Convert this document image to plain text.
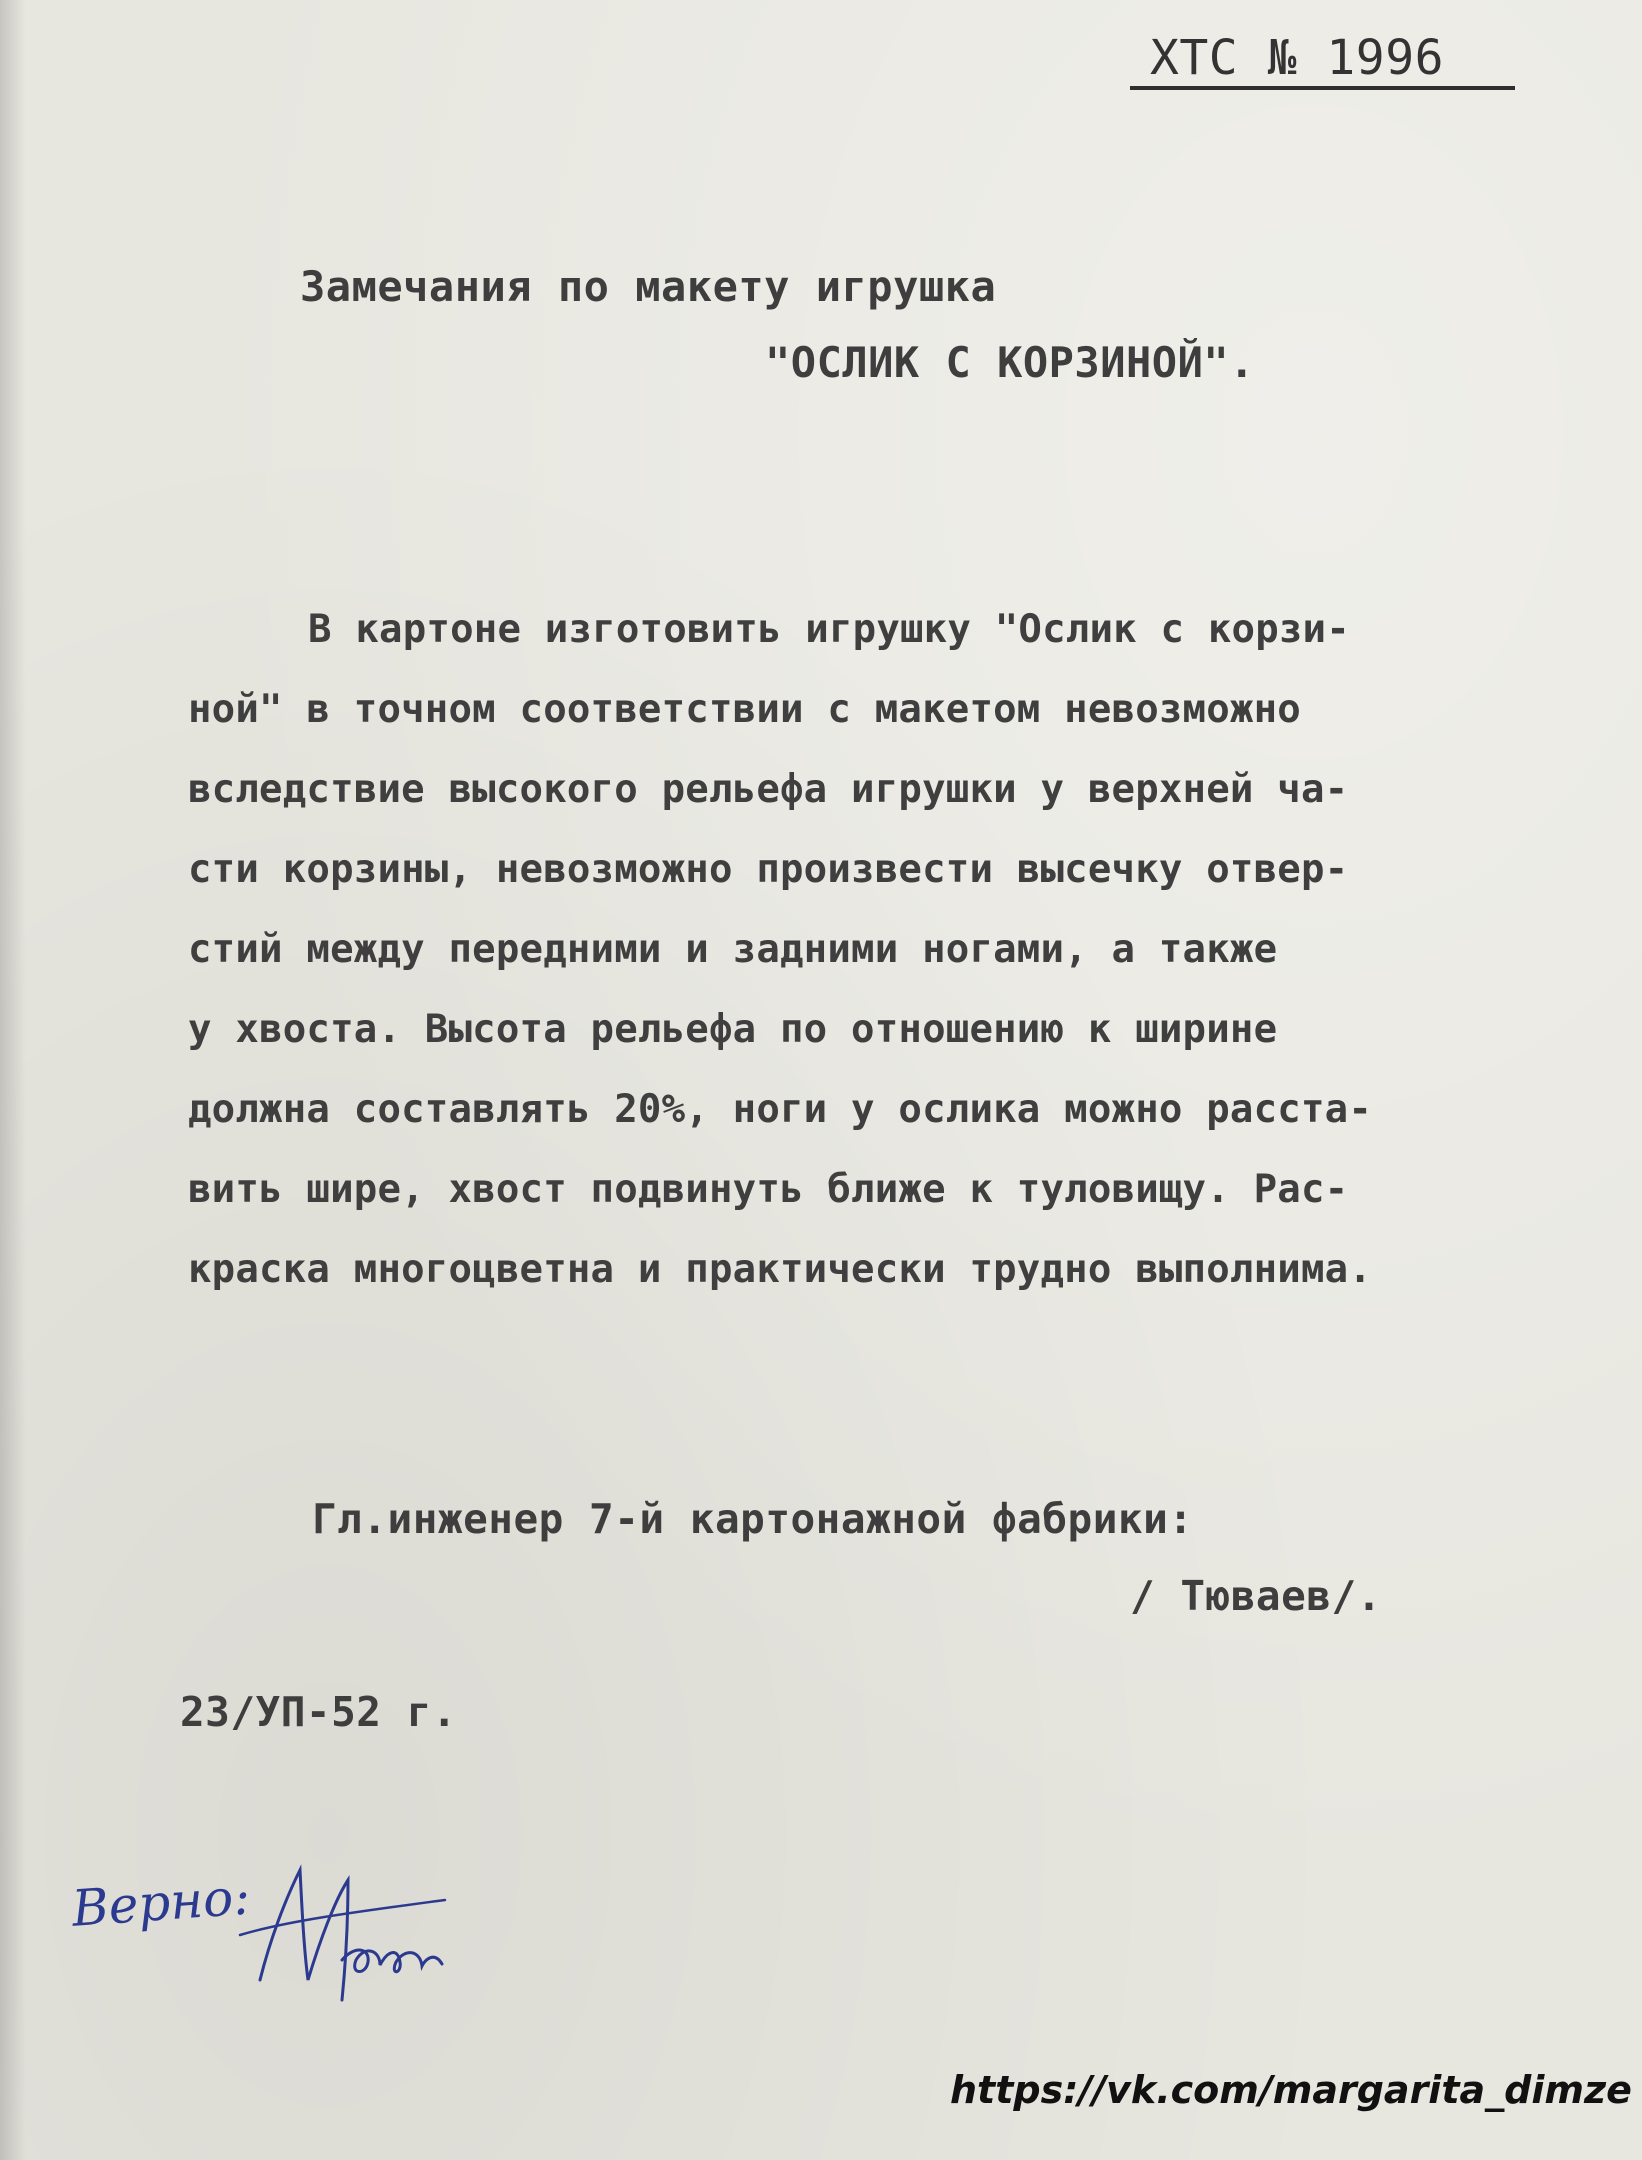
ХТС № 1996
Замечания по макету игрушка
"ОСЛИК С КОРЗИНОЙ".
В картоне изготовить игрушку "Ослик с корзи-
ной" в точном соответствии с макетом невозможно
вследствие высокого рельефа игрушки у верхней ча-
сти корзины, невозможно произвести высечку отвер-
стий между передними и задними ногами, а также
у хвоста. Высота рельефа по отношению к ширине
должна составлять 20%, ноги у ослика можно расста-
вить шире, хвост подвинуть ближе к туловищу. Рас-
краска многоцветна и практически трудно выполнима.
Гл.инженер 7-й картонажной фабрики:
/ Тюваев/.
23/УП-52 г.
Верно:
https://vk.com/margarita_dimze
